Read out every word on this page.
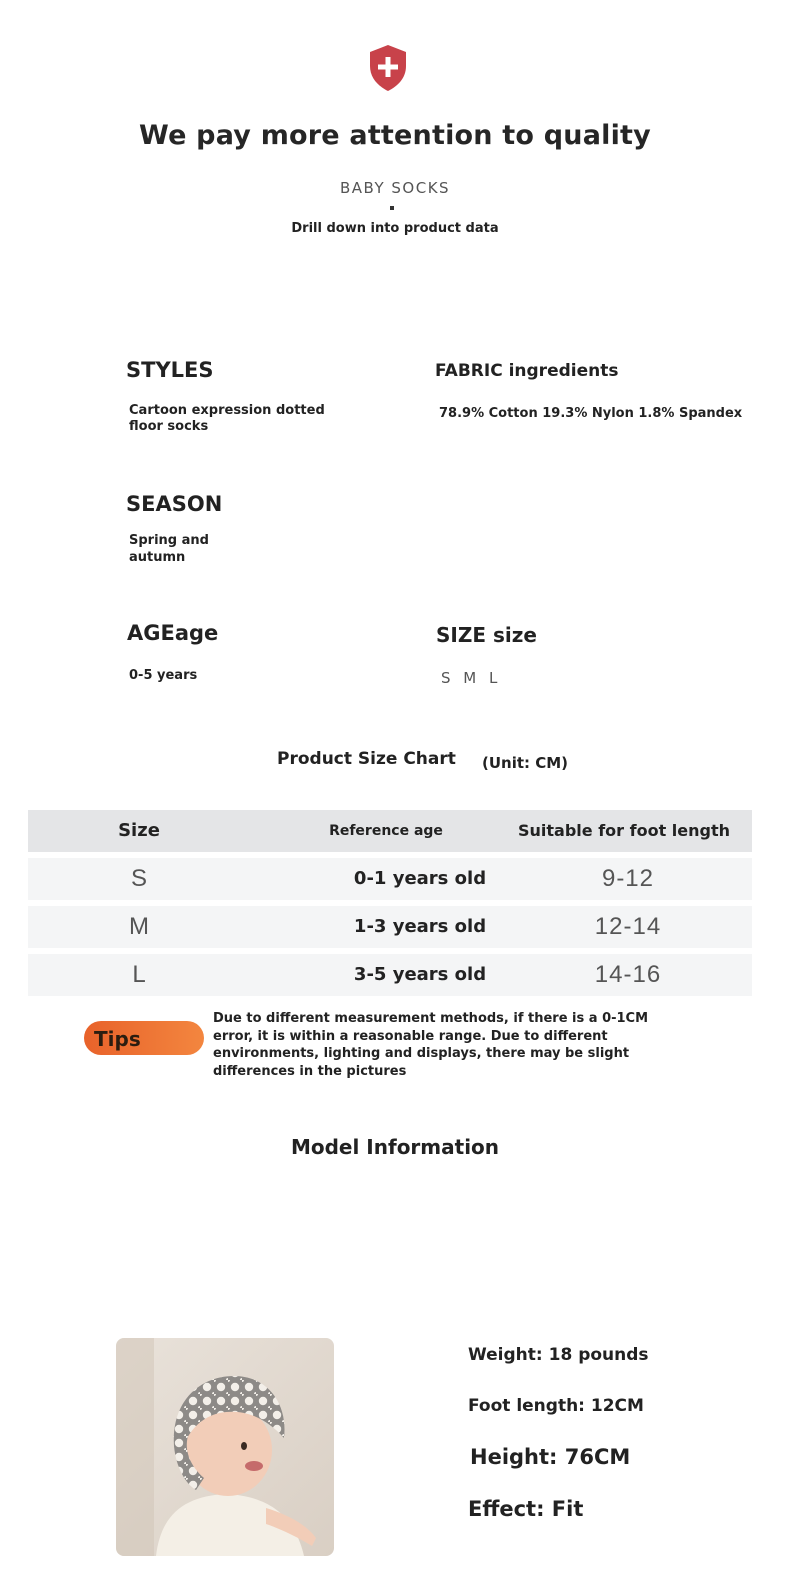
We pay more attention to quality
BABY SOCKS
Drill down into product data
STYLES
Cartoon expression dotted floor socks
FABRIC ingredients
78.9% Cotton 19.3% Nylon 1.8% Spandex
SEASON
Spring and
autumn
AGEage
0-5 years
SIZE size
S M L
Product Size Chart (Unit: CM)
Size	Reference age	Suitable for foot length
S	0-1 years old	9-12
M	1-3 years old	12-14
L	3-5 years old	14-16
Tips
Due to different measurement methods, if there is a 0-1CM error, it is within a reasonable range. Due to different environments, lighting and displays, there may be slight differences in the pictures
Model Information
Weight: 18 pounds
Foot length: 12CM
Height: 76CM
Effect: Fit
